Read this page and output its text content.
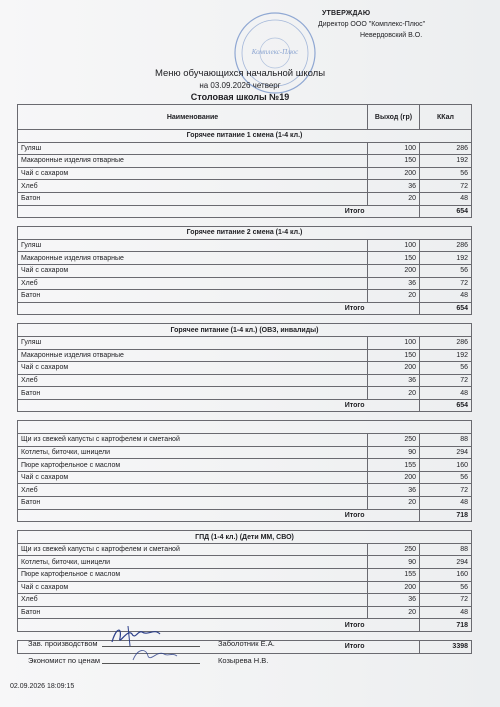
УТВЕРЖДАЮ
Директор ООО "Комплекс-Плюс"
Невердовский В.О.
Комплекс-Плюс
Меню обучающихся начальной школы
на 03.09.2026 четверг
Столовая школы №19
Наименование	Выход (гр)	ККал
Горячее питание 1 смена (1-4 кл.)		
Гуляш	100	286
Макаронные изделия отварные	150	192
Чай с сахаром	200	56
Хлеб	36	72
Батон	20	48
Итого		654

Горячее питание 2 смена (1-4 кл.)		
Гуляш	100	286
Макаронные изделия отварные	150	192
Чай с сахаром	200	56
Хлеб	36	72
Батон	20	48
Итого		654

Горячее питание (1-4 кл.) (ОВЗ, инвалиды)		
Гуляш	100	286
Макаронные изделия отварные	150	192
Чай с сахаром	200	56
Хлеб	36	72
Батон	20	48
Итого		654

Щи из свежей капусты с картофелем и сметаной	250	88
Котлеты, биточки, шницели	90	294
Пюре картофельное с маслом	155	160
Чай с сахаром	200	56
Хлеб	36	72
Батон	20	48
Итого		718

ГПД (1-4 кл.) (Дети ММ, СВО)		
Щи из свежей капусты с картофелем и сметаной	250	88
Котлеты, биточки, шницели	90	294
Пюре картофельное с маслом	155	160
Чай с сахаром	200	56
Хлеб	36	72
Батон	20	48
Итого		718

Итого		3398
Зав. производством	Заболотник Е.А.
Экономист по ценам	Козырева Н.В.
02.09.2026 18:09:15
